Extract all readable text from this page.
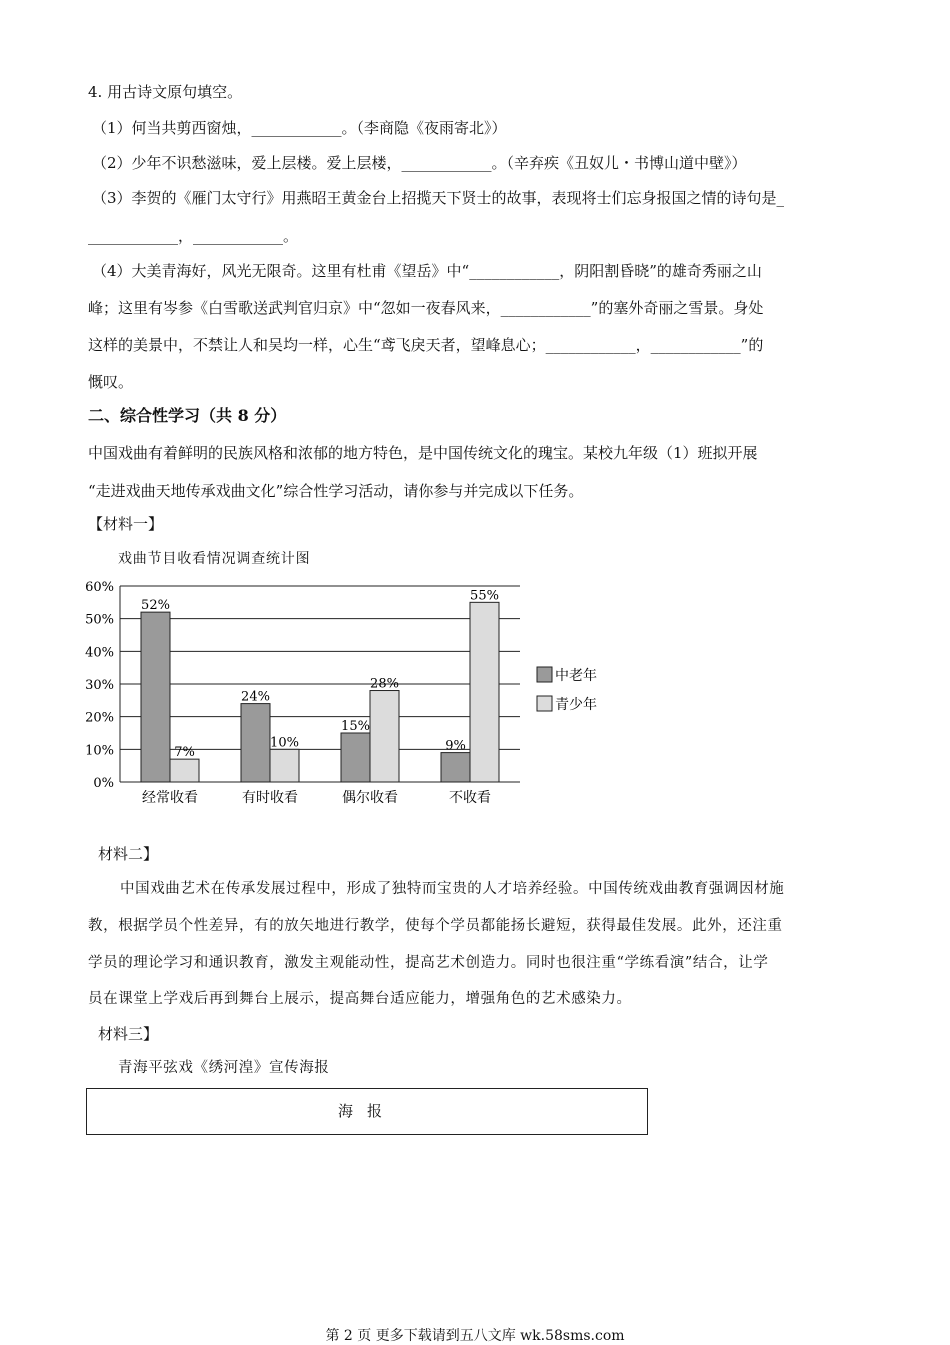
4. 用古诗文原句填空。
（1）何当共剪西窗烛，____________。（李商隐《夜雨寄北》）
（2）少年不识愁滋味，爱上层楼。爱上层楼，____________。（辛弃疾《丑奴儿・书博山道中壁》）
（3）李贺的《雁门太守行》用燕昭王黄金台上招揽天下贤士的故事，表现将士们忘身报国之情的诗句是_
____________，____________。
（4）大美青海好，风光无限奇。这里有杜甫《望岳》中“____________，阴阳割昏晓”的雄奇秀丽之山
峰；这里有岑参《白雪歌送武判官归京》中“忽如一夜春风来，____________”的塞外奇丽之雪景。身处
这样的美景中，不禁让人和吴均一样，心生“鸢飞戾天者，望峰息心；____________，____________”的
慨叹。
二、综合性学习（共 8 分）
中国戏曲有着鲜明的民族风格和浓郁的地方特色，是中国传统文化的瑰宝。某校九年级（1）班拟开展
“走进戏曲天地传承戏曲文化”综合性学习活动，请你参与并完成以下任务。
【材料一】
戏曲节目收看情况调查统计图
0%
10%
20%
30%
40%
50%
60%
52%
7%
经常收看
24%
10%
有时收看
15%
28%
偶尔收看
9%
55%
不收看
中老年
青少年
材料二】
中国戏曲艺术在传承发展过程中，形成了独特而宝贵的人才培养经验。中国传统戏曲教育强调因材施
教，根据学员个性差异，有的放矢地进行教学，使每个学员都能扬长避短，获得最佳发展。此外，还注重
学员的理论学习和通识教育，激发主观能动性，提高艺术创造力。同时也很注重“学练看演”结合，让学
员在课堂上学戏后再到舞台上展示，提高舞台适应能力，增强角色的艺术感染力。
材料三】
青海平弦戏《绣河湟》宣传海报
海报
第 2 页 更多下载请到五八文库 wk.58sms.com
